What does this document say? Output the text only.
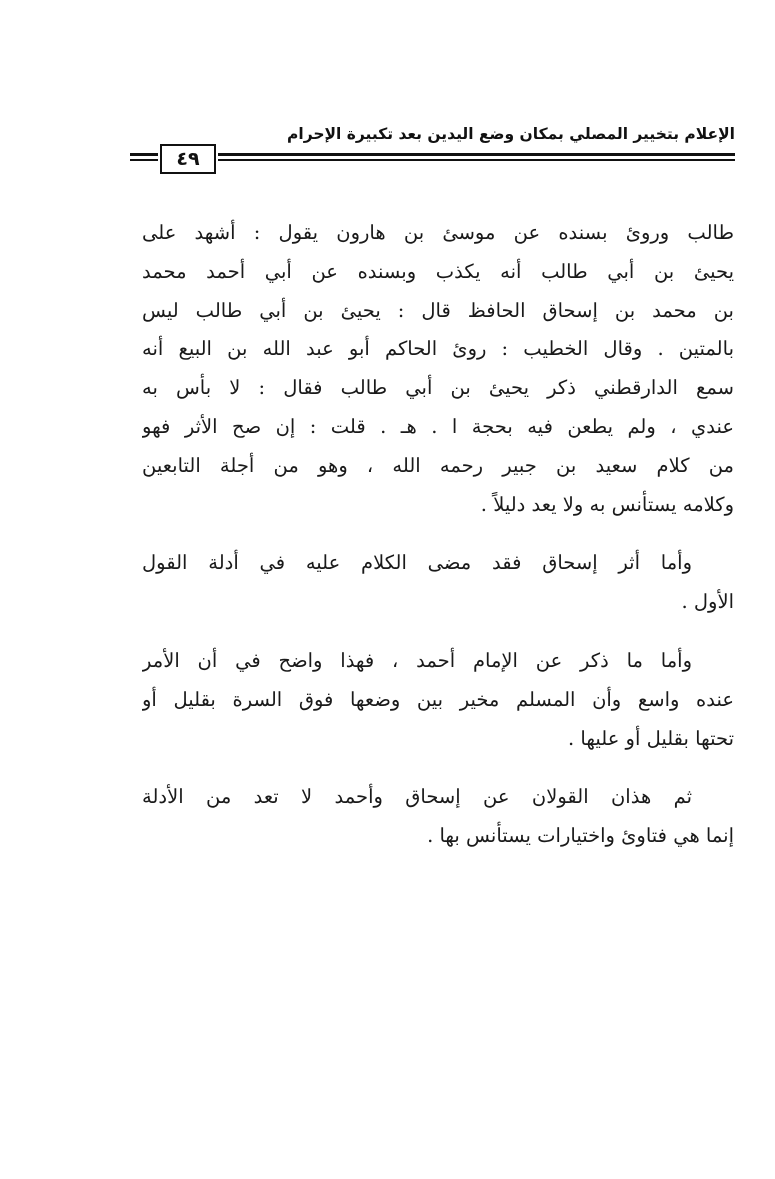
الإعلام بتخيير المصلي بمكان وضع اليدين بعد تكبيرة الإحرام
٤٩
طالب وروئ بسنده عن موسئ بن هارون يقول : أشهد على
يحيئ بن أبي طالب أنه يكذب وبسنده عن أبي أحمد محمد
بن محمد بن إسحاق الحافظ قال : يحيئ بن أبي طالب ليس
بالمتين . وقال الخطيب : روئ الحاكم أبو عبد الله بن البيع أنه
سمع الدارقطني ذكر يحيئ بن أبي طالب فقال : لا بأس به
عندي ، ولم يطعن فيه بحجة ا . هـ . قلت : إن صح الأثر فهو
من كلام سعيد بن جبير رحمه الله ، وهو من أجلة التابعين
وكلامه يستأنس به ولا يعد دليلاً .
وأما أثر إسحاق فقد مضى الكلام عليه في أدلة القول
الأول .
وأما ما ذكر عن الإمام أحمد ، فهذا واضح في أن الأمر
عنده واسع وأن المسلم مخير بين وضعها فوق السرة بقليل أو
تحتها بقليل أو عليها .
ثم هذان القولان عن إسحاق وأحمد لا تعد من الأدلة
إنما هي فتاوئ واختيارات يستأنس بها .
